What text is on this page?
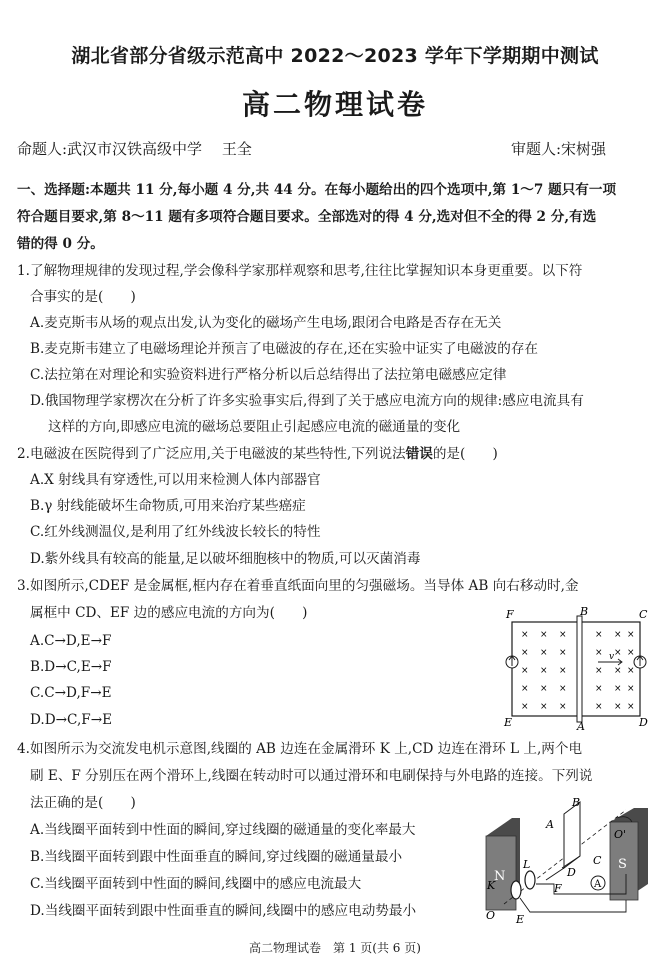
湖北省部分省级示范高中 2022～2023 学年下学期期中测试
高二物理试卷
命题人:武汉市汉铁高级中学　 王全	审题人:宋树强
一、选择题:本题共 11 分,每小题 4 分,共 44 分。在每小题给出的四个选项中,第 1～7 题只有一项
符合题目要求,第 8～11 题有多项符合题目要求。全部选对的得 4 分,选对但不全的得 2 分,有选
错的得 0 分。
1.了解物理规律的发现过程,学会像科学家那样观察和思考,往往比掌握知识本身更重要。以下符
合事实的是(　　)
A.麦克斯韦从场的观点出发,认为变化的磁场产生电场,跟闭合电路是否存在无关
B.麦克斯韦建立了电磁场理论并预言了电磁波的存在,还在实验中证实了电磁波的存在
C.法拉第在对理论和实验资料进行严格分析以后总结得出了法拉第电磁感应定律
D.俄国物理学家楞次在分析了许多实验事实后,得到了关于感应电流方向的规律:感应电流具有
这样的方向,即感应电流的磁场总要阻止引起感应电流的磁通量的变化
2.电磁波在医院得到了广泛应用,关于电磁波的某些特性,下列说法错误的是(　　)
A.X 射线具有穿透性,可以用来检测人体内部器官
B.γ 射线能破坏生命物质,可用来治疗某些癌症
C.红外线测温仪,是利用了红外线波长较长的特性
D.紫外线具有较高的能量,足以破坏细胞核中的物质,可以灭菌消毒
3.如图所示,CDEF 是金属框,框内存在着垂直纸面向里的匀强磁场。当导体 AB 向右移动时,金
属框中 CD、EF 边的感应电流的方向为(　　)
A.C→D,E→F
B.D→C,E→F
C.C→D,F→E
D.D→C,F→E
× × ×	× × ×
× × ×	× × ×
× × ×	× × ×
× × ×	× × ×
× × ×	× × ×
v
F	B	C
E	A	D
4.如图所示为交流发电机示意图,线圈的 AB 边连在金属滑环 K 上,CD 边连在滑环 L 上,两个电
刷 E、F 分别压在两个滑环上,线圈在转动时可以通过滑环和电刷保持与外电路的连接。下列说
法正确的是(　　)
A.当线圈平面转到中性面的瞬间,穿过线圈的磁通量的变化率最大
B.当线圈平面转到跟中性面垂直的瞬间,穿过线圈的磁通量最小
C.当线圈平面转到中性面的瞬间,线圈中的感应电流最大
D.当线圈平面转到跟中性面垂直的瞬间,线圈中的感应电动势最小
N
S
A
B
O'
A
C
L
K
D
F
O E
高二物理试卷　第 1 页(共 6 页)
